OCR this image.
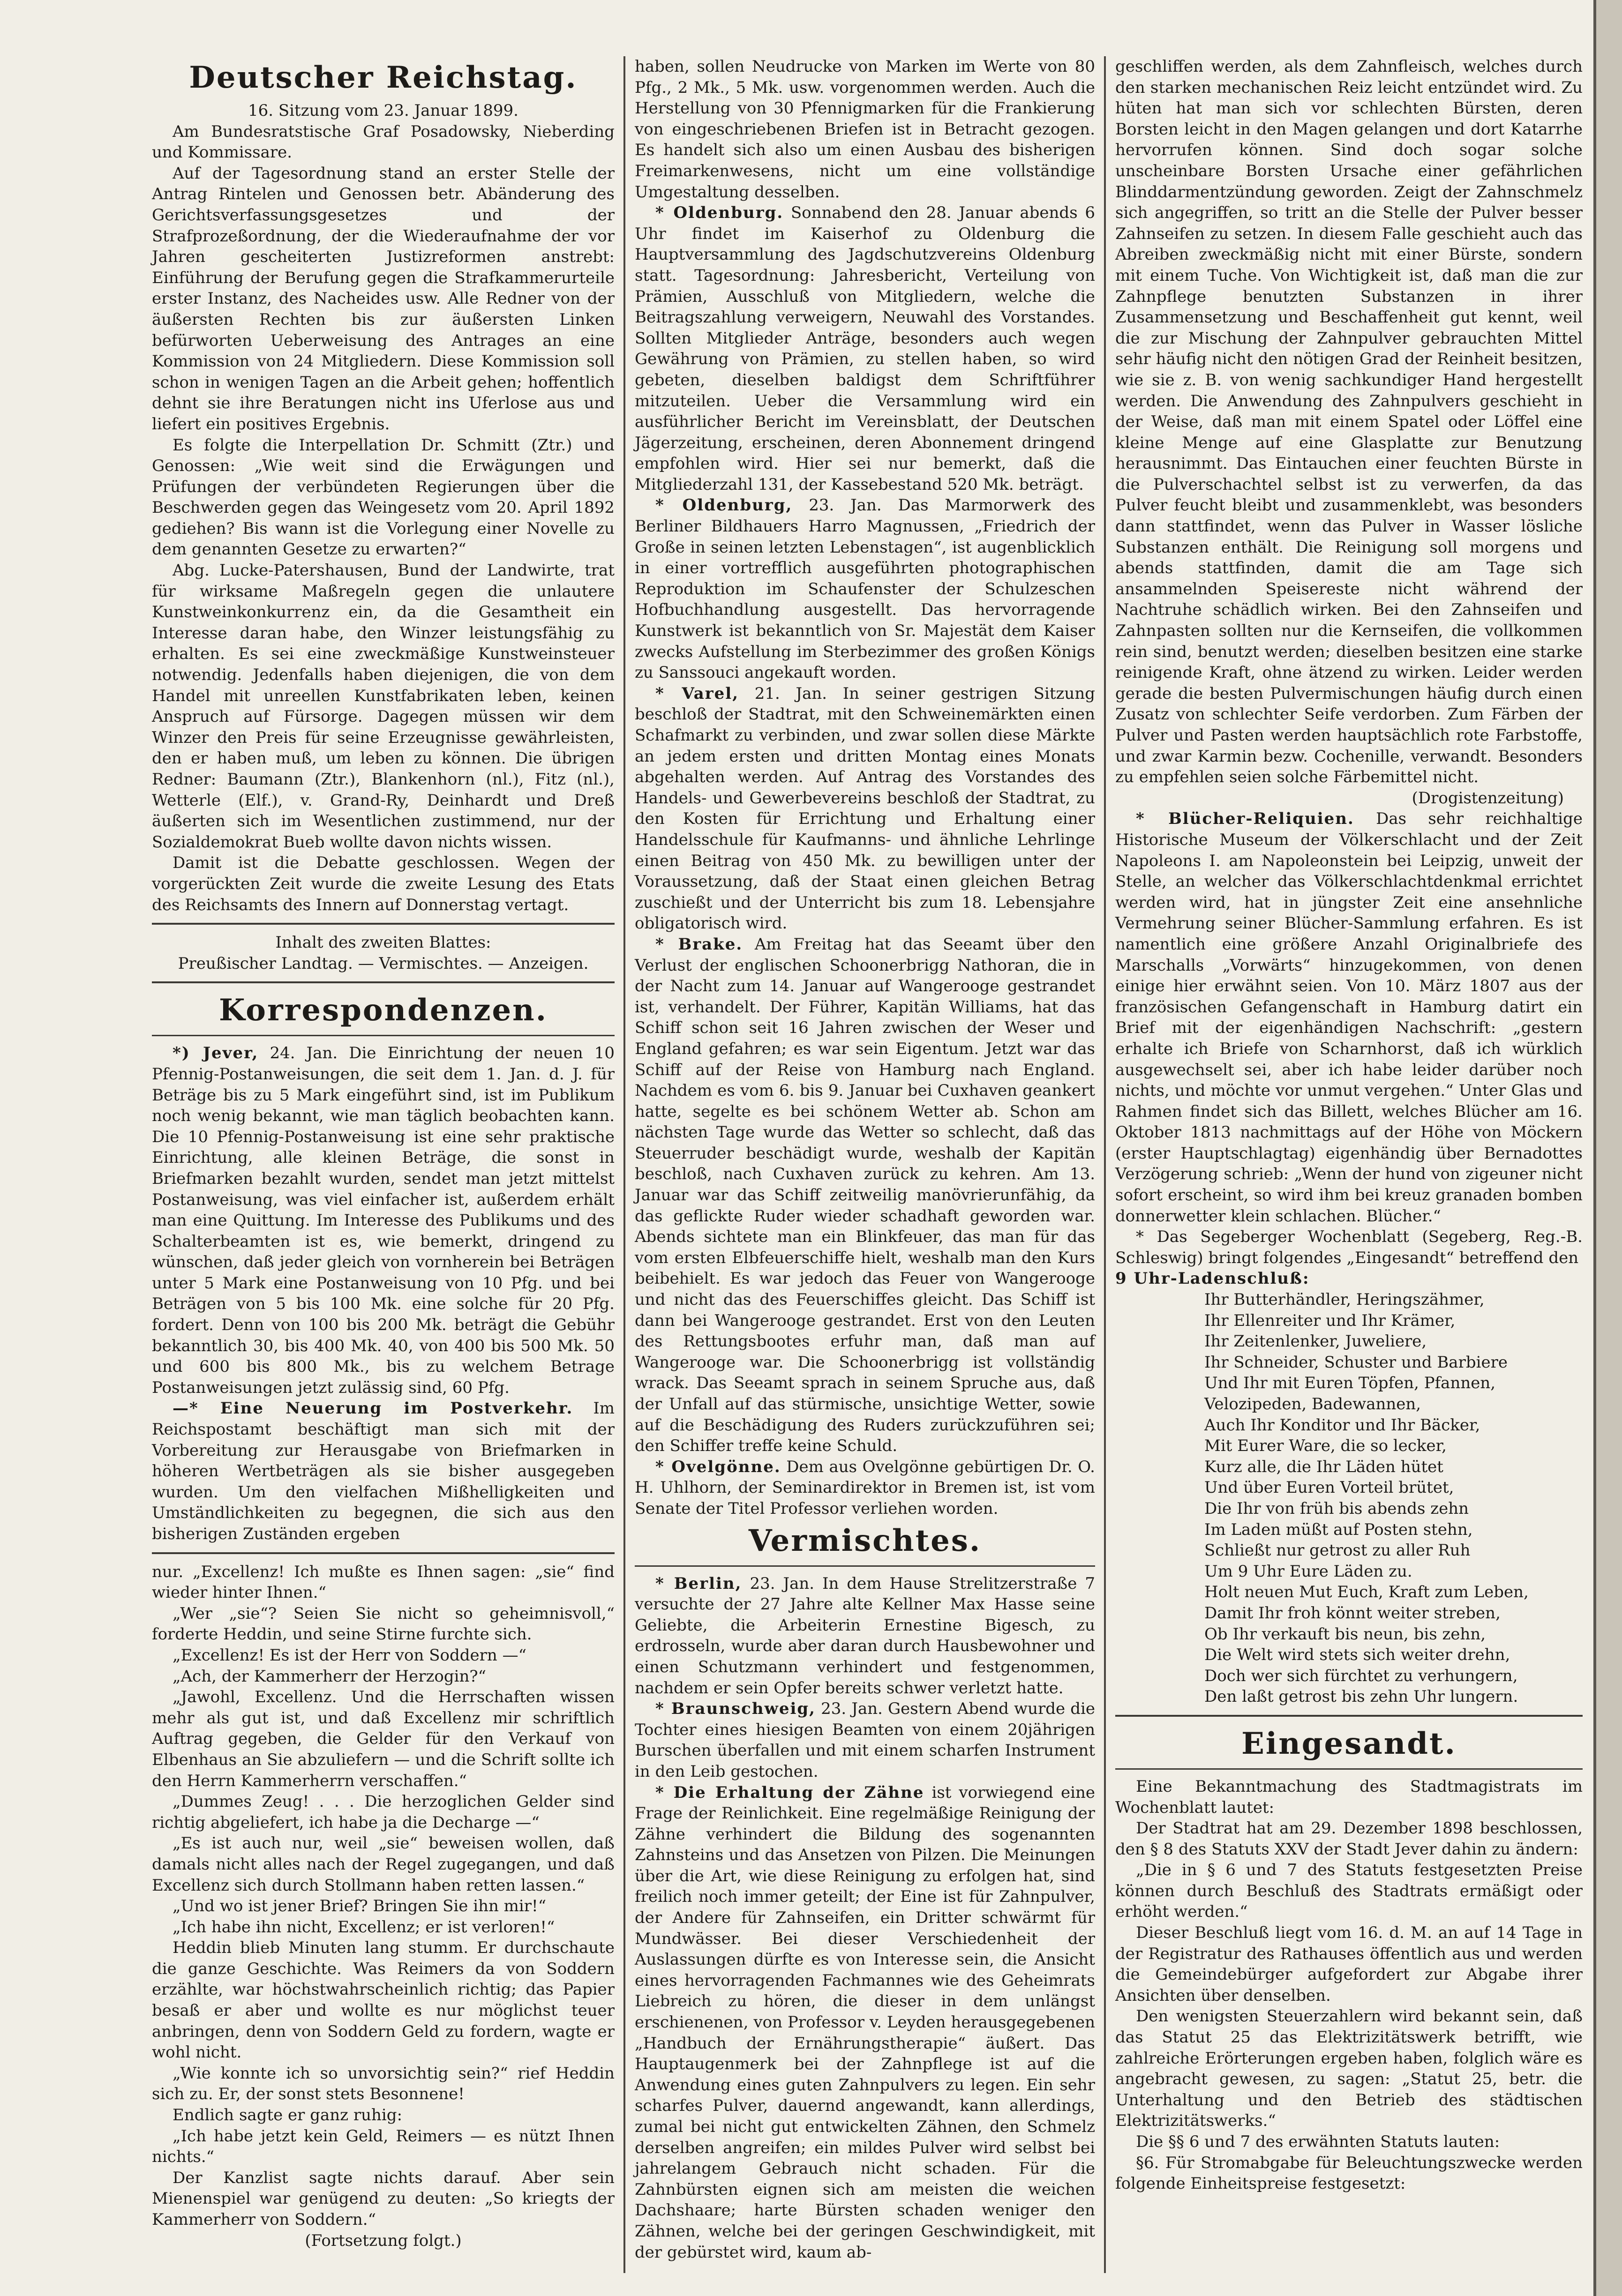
Deutscher Reichstag.
16. Sitzung vom 23. Januar 1899.

Am Bundesratstische Graf Posadowsky, Nieberding und Kommissare.

Auf der Tagesordnung stand an erster Stelle der Antrag Rintelen und Genossen betr. Abänderung des Gerichtsverfassungsgesetzes und der Strafprozeßordnung, der die Wiederaufnahme der vor Jahren gescheiterten Justizreformen anstrebt: Einführung der Berufung gegen die Strafkammerurteile erster Instanz, des Nacheides usw. Alle Redner von der äußersten Rechten bis zur äußersten Linken befürworten Ueberweisung des Antrages an eine Kommission von 24 Mitgliedern. Diese Kommission soll schon in wenigen Tagen an die Arbeit gehen; hoffentlich dehnt sie ihre Beratungen nicht ins Uferlose aus und liefert ein positives Ergebnis.

Es folgte die Interpellation Dr. Schmitt (Ztr.) und Genossen: „Wie weit sind die Erwägungen und Prüfungen der verbündeten Regierungen über die Beschwerden gegen das Weingesetz vom 20. April 1892 gediehen? Bis wann ist die Vorlegung einer Novelle zu dem genannten Gesetze zu erwarten?“

Abg. Lucke-Patershausen, Bund der Landwirte, trat für wirksame Maßregeln gegen die unlautere Kunstweinkonkurrenz ein, da die Gesamtheit ein Interesse daran habe, den Winzer leistungsfähig zu erhalten. Es sei eine zweckmäßige Kunstweinsteuer notwendig. Jedenfalls haben diejenigen, die von dem Handel mit unreellen Kunstfabrikaten leben, keinen Anspruch auf Fürsorge. Dagegen müssen wir dem Winzer den Preis für seine Erzeugnisse gewährleisten, den er haben muß, um leben zu können. Die übrigen Redner: Baumann (Ztr.), Blankenhorn (nl.), Fitz (nl.), Wetterle (Elf.), v. Grand-Ry, Deinhardt und Dreß äußerten sich im Wesentlichen zustimmend, nur der Sozialdemokrat Bueb wollte davon nichts wissen.

Damit ist die Debatte geschlossen. Wegen der vorgerückten Zeit wurde die zweite Lesung des Etats des Reichsamts des Innern auf Donnerstag vertagt.

Inhalt des zweiten Blattes:

Preußischer Landtag. — Vermischtes. — Anzeigen.

Korrespondenzen.

*) Jever, 24. Jan. Die Einrichtung der neuen 10 Pfennig-Postanweisungen, die seit dem 1. Jan. d. J. für Beträge bis zu 5 Mark eingeführt sind, ist im Publikum noch wenig bekannt, wie man täglich beobachten kann. Die 10 Pfennig-Postanweisung ist eine sehr praktische Einrichtung, alle kleinen Beträge, die sonst in Briefmarken bezahlt wurden, sendet man jetzt mittelst Postanweisung, was viel einfacher ist, außerdem erhält man eine Quittung. Im Interesse des Publikums und des Schalterbeamten ist es, wie bemerkt, dringend zu wünschen, daß jeder gleich von vornherein bei Beträgen unter 5 Mark eine Postanweisung von 10 Pfg. und bei Beträgen von 5 bis 100 Mk. eine solche für 20 Pfg. fordert. Denn von 100 bis 200 Mk. beträgt die Gebühr bekanntlich 30, bis 400 Mk. 40, von 400 bis 500 Mk. 50 und 600 bis 800 Mk., bis zu welchem Betrage Postanweisungen jetzt zulässig sind, 60 Pfg.

—* Eine Neuerung im Postverkehr. Im Reichspostamt beschäftigt man sich mit der Vorbereitung zur Herausgabe von Briefmarken in höheren Wertbeträgen als sie bisher ausgegeben wurden. Um den vielfachen Mißhelligkeiten und Umständlichkeiten zu begegnen, die sich aus den bisherigen Zuständen ergeben

nur. „Excellenz! Ich mußte es Ihnen sagen: „sie“ find wieder hinter Ihnen.“

„Wer „sie“? Seien Sie nicht so geheimnisvoll,“ forderte Heddin, und seine Stirne furchte sich.

„Excellenz! Es ist der Herr von Soddern —“

„Ach, der Kammerherr der Herzogin?“

„Jawohl, Excellenz. Und die Herrschaften wissen mehr als gut ist, und daß Excellenz mir schriftlich Auftrag gegeben, die Gelder für den Verkauf von Elbenhaus an Sie abzuliefern — und die Schrift sollte ich den Herrn Kammerherrn verschaffen.“

„Dummes Zeug! . . . Die herzoglichen Gelder sind richtig abgeliefert, ich habe ja die Decharge —“

„Es ist auch nur, weil „sie“ beweisen wollen, daß damals nicht alles nach der Regel zugegangen, und daß Excellenz sich durch Stollmann haben retten lassen.“

„Und wo ist jener Brief? Bringen Sie ihn mir!“

„Ich habe ihn nicht, Excellenz; er ist verloren!“

Heddin blieb Minuten lang stumm. Er durchschaute die ganze Geschichte. Was Reimers da von Soddern erzählte, war höchstwahrscheinlich richtig; das Papier besaß er aber und wollte es nur möglichst teuer anbringen, denn von Soddern Geld zu fordern, wagte er wohl nicht.

„Wie konnte ich so unvorsichtig sein?“ rief Heddin sich zu. Er, der sonst stets Besonnene!

Endlich sagte er ganz ruhig:

„Ich habe jetzt kein Geld, Reimers — es nützt Ihnen nichts.“

Der Kanzlist sagte nichts darauf. Aber sein Mienenspiel war genügend zu deuten: „So kriegts der Kammerherr von Soddern.“

(Fortsetzung folgt.)

haben, sollen Neudrucke von Marken im Werte von 80 Pfg., 2 Mk., 5 Mk. usw. vorgenommen werden. Auch die Herstellung von 30 Pfennigmarken für die Frankierung von eingeschriebenen Briefen ist in Betracht gezogen. Es handelt sich also um einen Ausbau des bisherigen Freimarkenwesens, nicht um eine vollständige Umgestaltung desselben.

* Oldenburg. Sonnabend den 28. Januar abends 6 Uhr findet im Kaiserhof zu Oldenburg die Hauptversammlung des Jagdschutzvereins Oldenburg statt. Tagesordnung: Jahresbericht, Verteilung von Prämien, Ausschluß von Mitgliedern, welche die Beitragszahlung verweigern, Neuwahl des Vorstandes. Sollten Mitglieder Anträge, besonders auch wegen Gewährung von Prämien, zu stellen haben, so wird gebeten, dieselben baldigst dem Schriftführer mitzuteilen. Ueber die Versammlung wird ein ausführlicher Bericht im Vereinsblatt, der Deutschen Jägerzeitung, erscheinen, deren Abonnement dringend empfohlen wird. Hier sei nur bemerkt, daß die Mitgliederzahl 131, der Kassebestand 520 Mk. beträgt.

* Oldenburg, 23. Jan. Das Marmorwerk des Berliner Bildhauers Harro Magnussen, „Friedrich der Große in seinen letzten Lebenstagen“, ist augenblicklich in einer vortrefflich ausgeführten photographischen Reproduktion im Schaufenster der Schulzeschen Hofbuchhandlung ausgestellt. Das hervorragende Kunstwerk ist bekanntlich von Sr. Majestät dem Kaiser zwecks Aufstellung im Sterbezimmer des großen Königs zu Sanssouci angekauft worden.

* Varel, 21. Jan. In seiner gestrigen Sitzung beschloß der Stadtrat, mit den Schweinemärkten einen Schafmarkt zu verbinden, und zwar sollen diese Märkte an jedem ersten und dritten Montag eines Monats abgehalten werden. Auf Antrag des Vorstandes des Handels- und Gewerbevereins beschloß der Stadtrat, zu den Kosten für Errichtung und Erhaltung einer Handelsschule für Kaufmanns- und ähnliche Lehrlinge einen Beitrag von 450 Mk. zu bewilligen unter der Voraussetzung, daß der Staat einen gleichen Betrag zuschießt und der Unterricht bis zum 18. Lebensjahre obligatorisch wird.

* Brake. Am Freitag hat das Seeamt über den Verlust der englischen Schoonerbrigg Nathoran, die in der Nacht zum 14. Januar auf Wangerooge gestrandet ist, verhandelt. Der Führer, Kapitän Williams, hat das Schiff schon seit 16 Jahren zwischen der Weser und England gefahren; es war sein Eigentum. Jetzt war das Schiff auf der Reise von Hamburg nach England. Nachdem es vom 6. bis 9. Januar bei Cuxhaven geankert hatte, segelte es bei schönem Wetter ab. Schon am nächsten Tage wurde das Wetter so schlecht, daß das Steuerruder beschädigt wurde, weshalb der Kapitän beschloß, nach Cuxhaven zurück zu kehren. Am 13. Januar war das Schiff zeitweilig manövrierunfähig, da das geflickte Ruder wieder schadhaft geworden war. Abends sichtete man ein Blinkfeuer, das man für das vom ersten Elbfeuerschiffe hielt, weshalb man den Kurs beibehielt. Es war jedoch das Feuer von Wangerooge und nicht das des Feuerschiffes gleicht. Das Schiff ist dann bei Wangerooge gestrandet. Erst von den Leuten des Rettungsbootes erfuhr man, daß man auf Wangerooge war. Die Schoonerbrigg ist vollständig wrack. Das Seeamt sprach in seinem Spruche aus, daß der Unfall auf das stürmische, unsichtige Wetter, sowie auf die Beschädigung des Ruders zurückzuführen sei; den Schiffer treffe keine Schuld.

* Ovelgönne. Dem aus Ovelgönne gebürtigen Dr. O. H. Uhlhorn, der Seminardirektor in Bremen ist, ist vom Senate der Titel Professor verliehen worden.

Vermischtes.

* Berlin, 23. Jan. In dem Hause Strelitzerstraße 7 versuchte der 27 Jahre alte Kellner Max Hasse seine Geliebte, die Arbeiterin Ernestine Bigesch, zu erdrosseln, wurde aber daran durch Hausbewohner und einen Schutzmann verhindert und festgenommen, nachdem er sein Opfer bereits schwer verletzt hatte.

* Braunschweig, 23. Jan. Gestern Abend wurde die Tochter eines hiesigen Beamten von einem 20jährigen Burschen überfallen und mit einem scharfen Instrument in den Leib gestochen.

* Die Erhaltung der Zähne ist vorwiegend eine Frage der Reinlichkeit. Eine regelmäßige Reinigung der Zähne verhindert die Bildung des sogenannten Zahnsteins und das Ansetzen von Pilzen. Die Meinungen über die Art, wie diese Reinigung zu erfolgen hat, sind freilich noch immer geteilt; der Eine ist für Zahnpulver, der Andere für Zahnseifen, ein Dritter schwärmt für Mundwässer. Bei dieser Verschiedenheit der Auslassungen dürfte es von Interesse sein, die Ansicht eines hervorragenden Fachmannes wie des Geheimrats Liebreich zu hören, die dieser in dem unlängst erschienenen, von Professor v. Leyden herausgegebenen „Handbuch der Ernährungstherapie“ äußert. Das Hauptaugenmerk bei der Zahnpflege ist auf die Anwendung eines guten Zahnpulvers zu legen. Ein sehr scharfes Pulver, dauernd angewandt, kann allerdings, zumal bei nicht gut entwickelten Zähnen, den Schmelz derselben angreifen; ein mildes Pulver wird selbst bei jahrelangem Gebrauch nicht schaden. Für die Zahnbürsten eignen sich am meisten die weichen Dachshaare; harte Bürsten schaden weniger den Zähnen, welche bei der geringen Geschwindigkeit, mit der gebürstet wird, kaum ab-

geschliffen werden, als dem Zahnfleisch, welches durch den starken mechanischen Reiz leicht entzündet wird. Zu hüten hat man sich vor schlechten Bürsten, deren Borsten leicht in den Magen gelangen und dort Katarrhe hervorrufen können. Sind doch sogar solche unscheinbare Borsten Ursache einer gefährlichen Blinddarmentzündung geworden. Zeigt der Zahnschmelz sich angegriffen, so tritt an die Stelle der Pulver besser Zahnseifen zu setzen. In diesem Falle geschieht auch das Abreiben zweckmäßig nicht mit einer Bürste, sondern mit einem Tuche. Von Wichtigkeit ist, daß man die zur Zahnpflege benutzten Substanzen in ihrer Zusammensetzung und Beschaffenheit gut kennt, weil die zur Mischung der Zahnpulver gebrauchten Mittel sehr häufig nicht den nötigen Grad der Reinheit besitzen, wie sie z. B. von wenig sachkundiger Hand hergestellt werden. Die Anwendung des Zahnpulvers geschieht in der Weise, daß man mit einem Spatel oder Löffel eine kleine Menge auf eine Glasplatte zur Benutzung herausnimmt. Das Eintauchen einer feuchten Bürste in die Pulverschachtel selbst ist zu verwerfen, da das Pulver feucht bleibt und zusammenklebt, was besonders dann stattfindet, wenn das Pulver in Wasser lösliche Substanzen enthält. Die Reinigung soll morgens und abends stattfinden, damit die am Tage sich ansammelnden Speisereste nicht während der Nachtruhe schädlich wirken. Bei den Zahnseifen und Zahnpasten sollten nur die Kernseifen, die vollkommen rein sind, benutzt werden; dieselben besitzen eine starke reinigende Kraft, ohne ätzend zu wirken. Leider werden gerade die besten Pulvermischungen häufig durch einen Zusatz von schlechter Seife verdorben. Zum Färben der Pulver und Pasten werden hauptsächlich rote Farbstoffe, und zwar Karmin bezw. Cochenille, verwandt. Besonders zu empfehlen seien solche Färbemittel nicht.

(Drogistenzeitung)

* Blücher-Reliquien. Das sehr reichhaltige Historische Museum der Völkerschlacht und der Zeit Napoleons I. am Napoleonstein bei Leipzig, unweit der Stelle, an welcher das Völkerschlachtdenkmal errichtet werden wird, hat in jüngster Zeit eine ansehnliche Vermehrung seiner Blücher-Sammlung erfahren. Es ist namentlich eine größere Anzahl Originalbriefe des Marschalls „Vorwärts“ hinzugekommen, von denen einige hier erwähnt seien. Von 10. März 1807 aus der französischen Gefangenschaft in Hamburg datirt ein Brief mit der eigenhändigen Nachschrift: „gestern erhalte ich Briefe von Scharnhorst, daß ich würklich ausgewechselt sei, aber ich habe leider darüber noch nichts, und möchte vor unmut vergehen.“ Unter Glas und Rahmen findet sich das Billett, welches Blücher am 16. Oktober 1813 nachmittags auf der Höhe von Möckern (erster Hauptschlagtag) eigenhändig über Bernadottes Verzögerung schrieb: „Wenn der hund von zigeuner nicht sofort erscheint, so wird ihm bei kreuz granaden bomben donnerwetter klein schlachen. Blücher.“

* Das Segeberger Wochenblatt (Segeberg, Reg.-B. Schleswig) bringt folgendes „Eingesandt“ betreffend den

9 Uhr-Ladenschluß:

Ihr Butterhändler, Heringszähmer,

Ihr Ellenreiter und Ihr Krämer,

Ihr Zeitenlenker, Juweliere,

Ihr Schneider, Schuster und Barbiere

Und Ihr mit Euren Töpfen, Pfannen,

Velozipeden, Badewannen,

Auch Ihr Konditor und Ihr Bäcker,

Mit Eurer Ware, die so lecker,

Kurz alle, die Ihr Läden hütet

Und über Euren Vorteil brütet,

Die Ihr von früh bis abends zehn

Im Laden müßt auf Posten stehn,

Schließt nur getrost zu aller Ruh

Um 9 Uhr Eure Läden zu.

Holt neuen Mut Euch, Kraft zum Leben,

Damit Ihr froh könnt weiter streben,

Ob Ihr verkauft bis neun, bis zehn,

Die Welt wird stets sich weiter drehn,

Doch wer sich fürchtet zu verhungern,

Den laßt getrost bis zehn Uhr lungern.

Eingesandt.

Eine Bekanntmachung des Stadtmagistrats im Wochenblatt lautet:

Der Stadtrat hat am 29. Dezember 1898 beschlossen, den § 8 des Statuts XXV der Stadt Jever dahin zu ändern:

„Die in § 6 und 7 des Statuts festgesetzten Preise können durch Beschluß des Stadtrats ermäßigt oder erhöht werden.“

Dieser Beschluß liegt vom 16. d. M. an auf 14 Tage in der Registratur des Rathauses öffentlich aus und werden die Gemeindebürger aufgefordert zur Abgabe ihrer Ansichten über denselben.

Den wenigsten Steuerzahlern wird bekannt sein, daß das Statut 25 das Elektrizitätswerk betrifft, wie zahlreiche Erörterungen ergeben haben, folglich wäre es angebracht gewesen, zu sagen: „Statut 25, betr. die Unterhaltung und den Betrieb des städtischen Elektrizitätswerks.“

Die §§ 6 und 7 des erwähnten Statuts lauten:

§6. Für Stromabgabe für Beleuchtungszwecke werden folgende Einheitspreise festgesetzt:
